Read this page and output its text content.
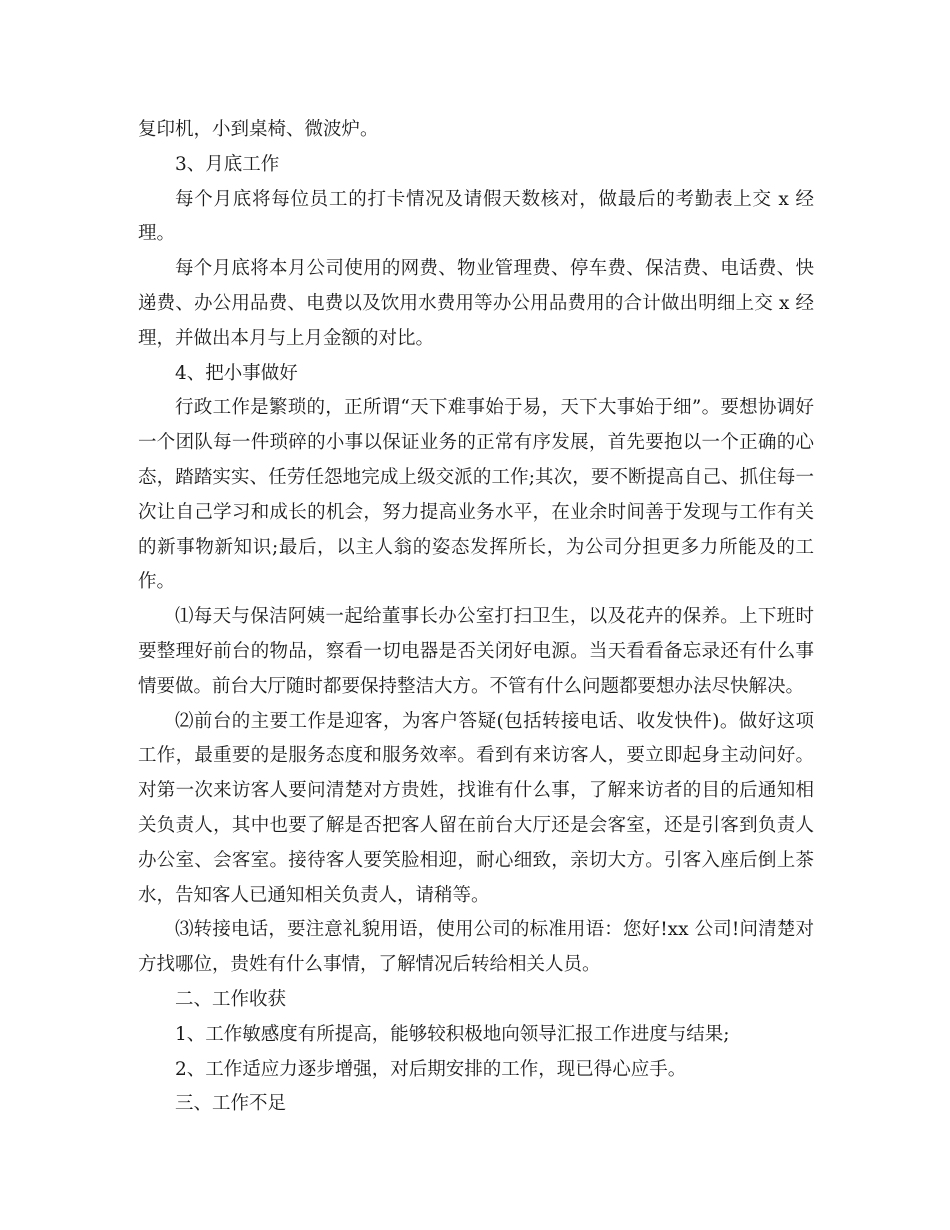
复印机，小到桌椅、微波炉。

3、月底工作

每个月底将每位员工的打卡情况及请假天数核对，做最后的考勤表上交 x 经理。

每个月底将本月公司使用的网费、物业管理费、停车费、保洁费、电话费、快递费、办公用品费、电费以及饮用水费用等办公用品费用的合计做出明细上交 x 经理，并做出本月与上月金额的对比。

4、把小事做好

行政工作是繁琐的，正所谓“天下难事始于易，天下大事始于细”。要想协调好一个团队每一件琐碎的小事以保证业务的正常有序发展，首先要抱以一个正确的心态，踏踏实实、任劳任怨地完成上级交派的工作;其次，要不断提高自己、抓住每一次让自己学习和成长的机会，努力提高业务水平，在业余时间善于发现与工作有关的新事物新知识;最后，以主人翁的姿态发挥所长，为公司分担更多力所能及的工作。

⑴每天与保洁阿姨一起给董事长办公室打扫卫生，以及花卉的保养。上下班时要整理好前台的物品，察看一切电器是否关闭好电源。当天看看备忘录还有什么事情要做。前台大厅随时都要保持整洁大方。不管有什么问题都要想办法尽快解决。

⑵前台的主要工作是迎客，为客户答疑(包括转接电话、收发快件)。做好这项工作，最重要的是服务态度和服务效率。看到有来访客人，要立即起身主动问好。对第一次来访客人要问清楚对方贵姓，找谁有什么事，了解来访者的目的后通知相关负责人，其中也要了解是否把客人留在前台大厅还是会客室，还是引客到负责人办公室、会客室。接待客人要笑脸相迎，耐心细致，亲切大方。引客入座后倒上茶水，告知客人已通知相关负责人，请稍等。

⑶转接电话，要注意礼貌用语，使用公司的标准用语：您好!xx 公司!问清楚对方找哪位，贵姓有什么事情，了解情况后转给相关人员。

二、工作收获

1、工作敏感度有所提高，能够较积极地向领导汇报工作进度与结果;

2、工作适应力逐步增强，对后期安排的工作，现已得心应手。

三、工作不足
